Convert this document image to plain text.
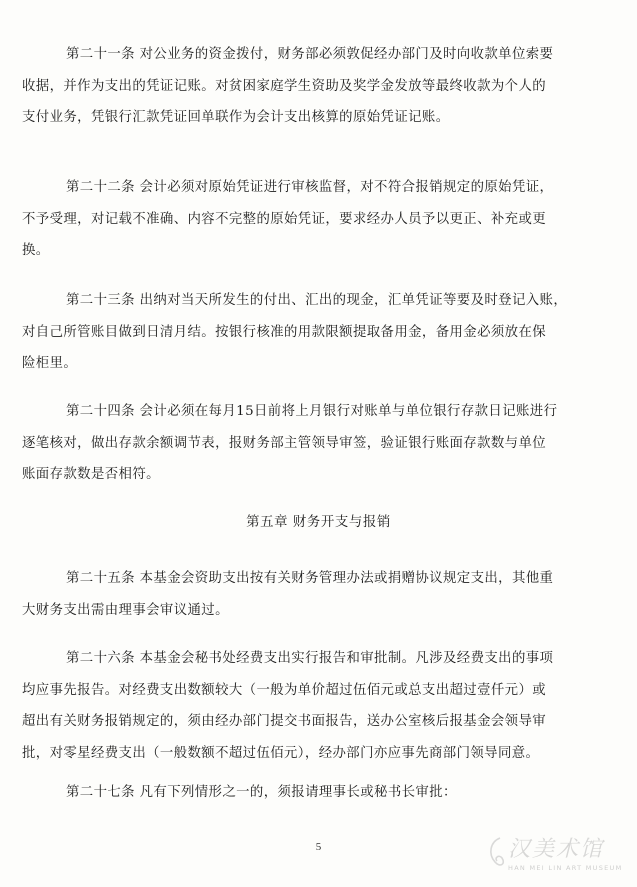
第二十一条 对公业务的资金拨付，财务部必须敦促经办部门及时向收款单位索要
收据，并作为支出的凭证记账。对贫困家庭学生资助及奖学金发放等最终收款为个人的
支付业务，凭银行汇款凭证回单联作为会计支出核算的原始凭证记账。

第二十二条 会计必须对原始凭证进行审核监督，对不符合报销规定的原始凭证，
不予受理，对记载不准确、内容不完整的原始凭证，要求经办人员予以更正、补充或更
换。

第二十三条 出纳对当天所发生的付出、汇出的现金，汇单凭证等要及时登记入账，
对自己所管账目做到日清月结。按银行核准的用款限额提取备用金，备用金必须放在保
险柜里。

第二十四条 会计必须在每月15日前将上月银行对账单与单位银行存款日记账进行
逐笔核对，做出存款余额调节表，报财务部主管领导审签，验证银行账面存款数与单位
账面存款数是否相符。

第五章 财务开支与报销

第二十五条 本基金会资助支出按有关财务管理办法或捐赠协议规定支出，其他重
大财务支出需由理事会审议通过。

第二十六条 本基金会秘书处经费支出实行报告和审批制。凡涉及经费支出的事项
均应事先报告。对经费支出数额较大（一般为单价超过伍佰元或总支出超过壹仟元）或
超出有关财务报销规定的，须由经办部门提交书面报告，送办公室核后报基金会领导审
批，对零星经费支出（一般数额不超过伍佰元），经办部门亦应事先商部门领导同意。

第二十七条 凡有下列情形之一的，须报请理事长或秘书长审批：

5	汉美术馆
HAN MEI LIN ART MUSEUM
